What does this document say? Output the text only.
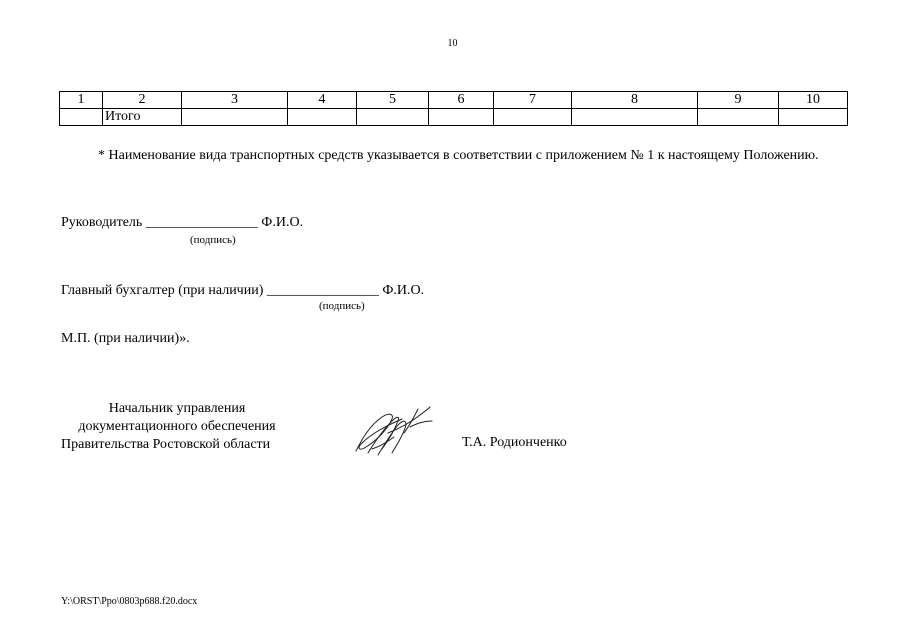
10
1	2	3	4	5	6	7	8	9	10
	Итого								

* Наименование вида транспортных средств указывается в соответствии с приложением № 1 к настоящему Положению.

Руководитель ________________ Ф.И.О.
(подпись)
Главный бухгалтер (при наличии) ________________ Ф.И.О.
(подпись)
М.П. (при наличии)».
Начальник управления
документационного обеспечения
Правительства Ростовской области	Т.А. Родионченко
Y:\ORST\Ppo\0803p688.f20.docx
